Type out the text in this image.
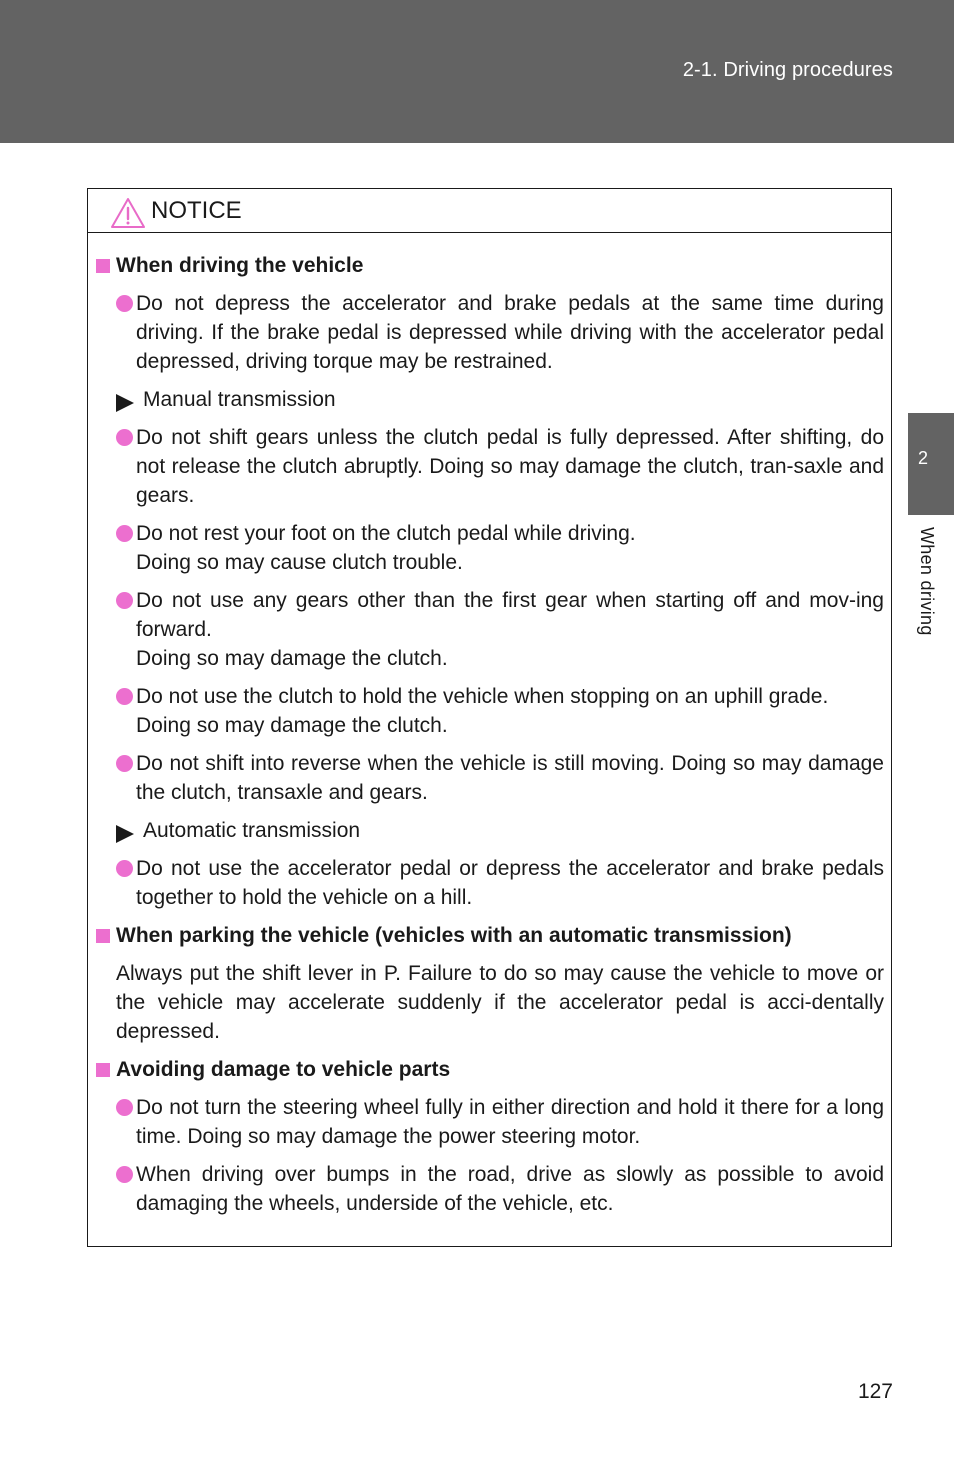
2-1. Driving procedures
2
When driving
NOTICE
When driving the vehicle
Do not depress the accelerator and brake pedals at the same time during driving. If the brake pedal is depressed while driving with the accelerator pedal depressed, driving torque may be restrained.
Manual transmission
Do not shift gears unless the clutch pedal is fully depressed. After shifting, do not release the clutch abruptly. Doing so may damage the clutch, tran-saxle and gears.
Do not rest your foot on the clutch pedal while driving.
Doing so may cause clutch trouble.
Do not use any gears other than the first gear when starting off and mov-ing forward.
Doing so may damage the clutch.
Do not use the clutch to hold the vehicle when stopping on an uphill grade.
Doing so may damage the clutch.
Do not shift into reverse when the vehicle is still moving. Doing so may damage the clutch, transaxle and gears.
Automatic transmission
Do not use the accelerator pedal or depress the accelerator and brake pedals together to hold the vehicle on a hill.
When parking the vehicle (vehicles with an automatic transmission)
Always put the shift lever in P. Failure to do so may cause the vehicle to move or the vehicle may accelerate suddenly if the accelerator pedal is acci-dentally depressed.
Avoiding damage to vehicle parts
Do not turn the steering wheel fully in either direction and hold it there for a long time. Doing so may damage the power steering motor.
When driving over bumps in the road, drive as slowly as possible to avoid damaging the wheels, underside of the vehicle, etc.
127
